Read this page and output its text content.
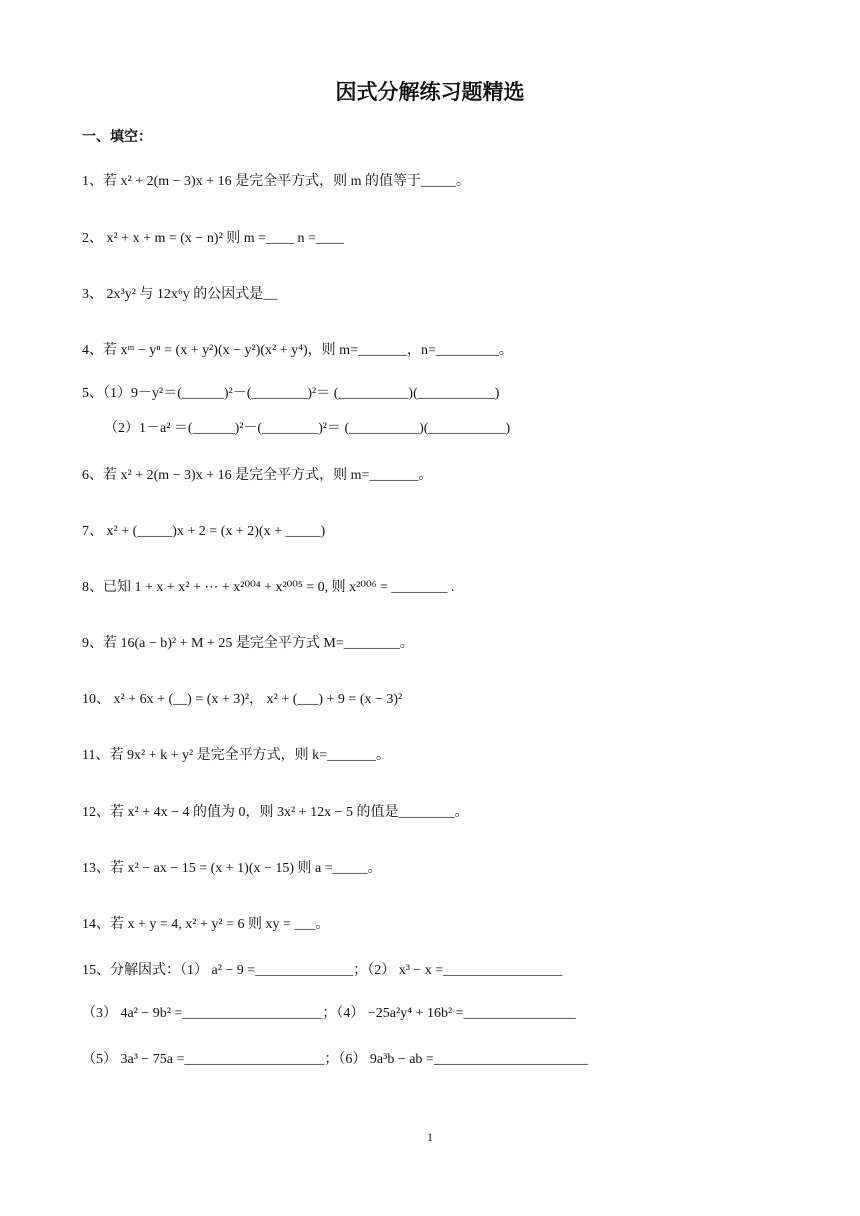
因式分解练习题精选
一、填空：
1、若 x² + 2(m − 3)x + 16 是完全平方式，则 m 的值等于_____。
2、 x² + x + m = (x − n)² 则 m =____ n =____
3、 2x³y² 与 12x⁶y 的公因式是__
4、若 xᵐ − yⁿ = (x + y²)(x − y²)(x² + y⁴)，则 m=_______，n=_________。
5、（1）9－y²＝(______)²－(________)²＝ (__________)(___________)
（2）1－a² ＝(______)²－(________)²＝ (__________)(___________)
6、若 x² + 2(m − 3)x + 16 是完全平方式，则 m=_______。
7、 x² + (_____)x + 2 = (x + 2)(x + _____)
8、已知 1 + x + x² + ⋯ + x²⁰⁰⁴ + x²⁰⁰⁵ = 0, 则 x²⁰⁰⁶ = ________ .
9、若 16(a − b)² + M + 25 是完全平方式 M=________。
10、 x² + 6x + (__) = (x + 3)²， x² + (___) + 9 = (x − 3)²
11、若 9x² + k + y² 是完全平方式，则 k=_______。
12、若 x² + 4x − 4 的值为 0，则 3x² + 12x − 5 的值是________。
13、若 x² − ax − 15 = (x + 1)(x − 15) 则 a =_____。
14、若 x + y = 4, x² + y² = 6 则 xy = ___。
15、分解因式：（1） a² − 9 =______________；（2） x³ − x =_________________
（3） 4a² − 9b² =____________________；（4） −25a²y⁴ + 16b² =________________
（5） 3a³ − 75a =____________________；（6） 9a³b − ab =______________________
1
